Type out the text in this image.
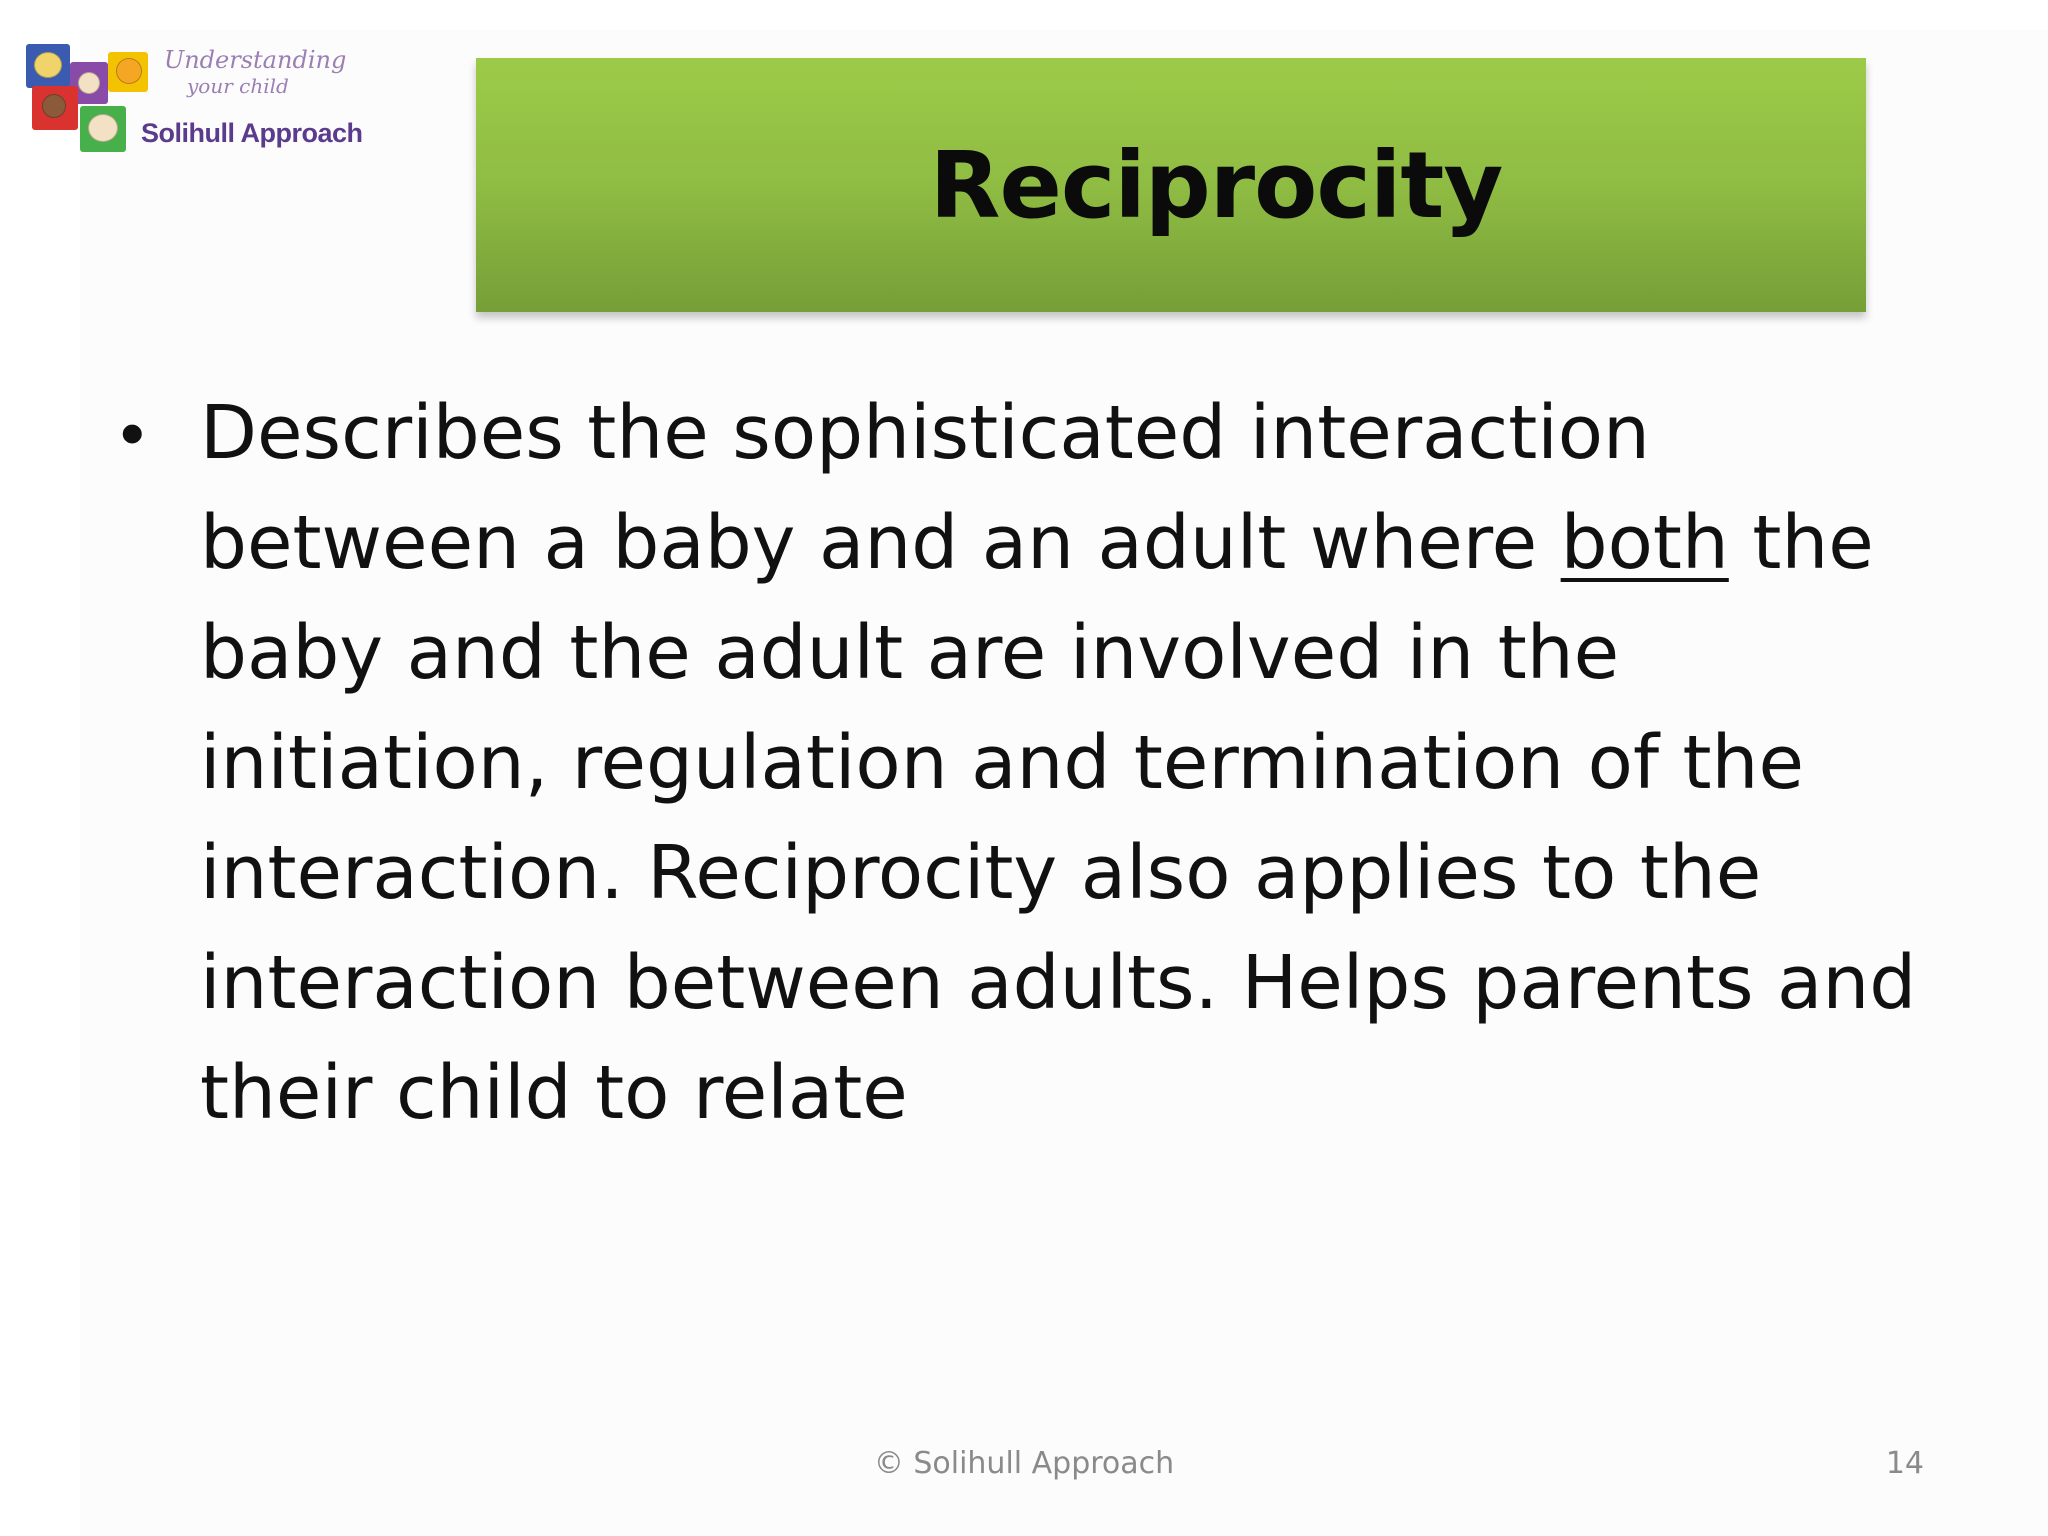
Understanding
your child
Solihull Approach	Reciprocity
• Describes the sophisticated interaction between a baby and an adult where both the baby and the adult are involved in the initiation, regulation and termination of the interaction. Reciprocity also applies to the interaction between adults. Helps parents and their child to relate
© Solihull Approach	14
